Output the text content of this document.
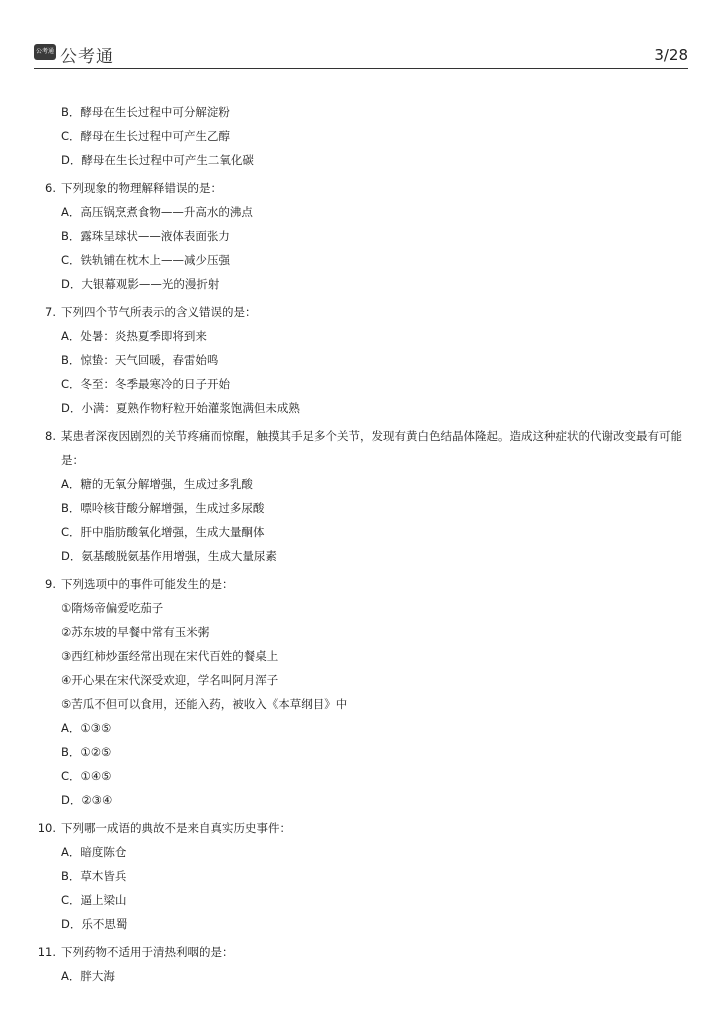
公考通 公考通	3/28
B．酵母在生长过程中可分解淀粉
C．酵母在生长过程中可产生乙醇
D．酵母在生长过程中可产生二氧化碳
6. 下列现象的物理解释错误的是：
A．高压锅烹煮食物——升高水的沸点
B．露珠呈球状——液体表面张力
C．铁轨铺在枕木上——减少压强
D．大银幕观影——光的漫折射
7. 下列四个节气所表示的含义错误的是：
A．处暑：炎热夏季即将到来
B．惊蛰：天气回暖，春雷始鸣
C．冬至：冬季最寒冷的日子开始
D．小满：夏熟作物籽粒开始灌浆饱满但未成熟
8. 某患者深夜因剧烈的关节疼痛而惊醒，触摸其手足多个关节，发现有黄白色结晶体隆起。造成这种症状的代谢改变最有可能是：
A．糖的无氧分解增强，生成过多乳酸
B．嘌呤核苷酸分解增强，生成过多尿酸
C．肝中脂肪酸氧化增强，生成大量酮体
D．氨基酸脱氨基作用增强，生成大量尿素
9. 下列选项中的事件可能发生的是：
①隋炀帝偏爱吃茄子
②苏东坡的早餐中常有玉米粥
③西红柿炒蛋经常出现在宋代百姓的餐桌上
④开心果在宋代深受欢迎，学名叫阿月浑子
⑤苦瓜不但可以食用，还能入药，被收入《本草纲目》中
A．①③⑤
B．①②⑤
C．①④⑤
D．②③④
10. 下列哪一成语的典故不是来自真实历史事件：
A．暗度陈仓
B．草木皆兵
C．逼上梁山
D．乐不思蜀
11. 下列药物不适用于清热利咽的是：
A．胖大海
